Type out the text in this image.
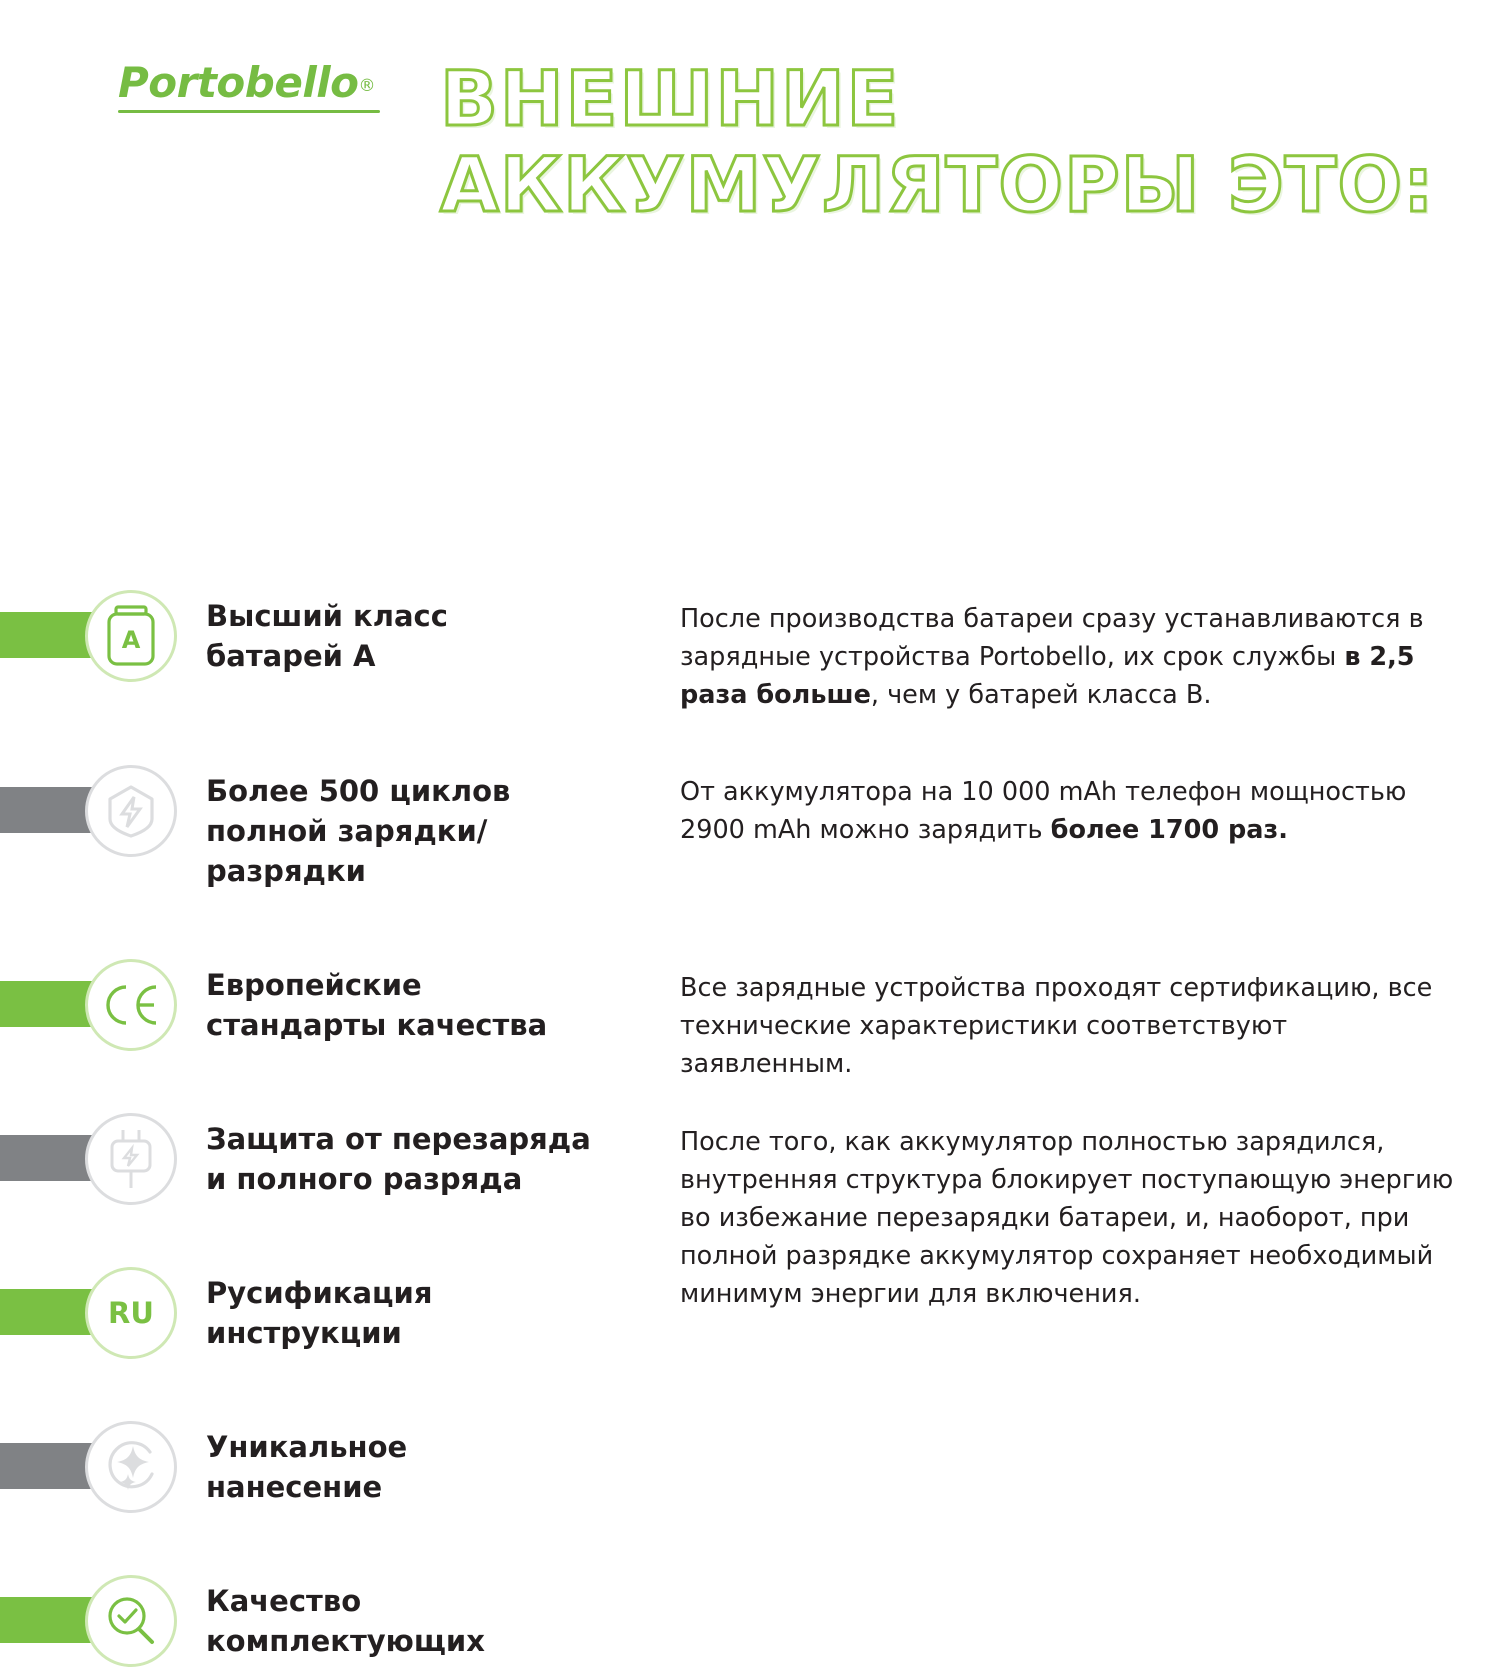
Portobello® ВНЕШНИЕ
АККУМУЛЯТОРЫ ЭТО:
A
Высший класс
батарей А
После производства батареи сразу устанавливаются в зарядные устройства Portobello, их срок службы в 2,5 раза больше, чем у батарей класса В.
Более 500 циклов
полной зарядки/
разрядки
От аккумулятора на 10 000 mAh телефон мощностью 2900 mAh можно зарядить более 1700 раз.
Европейские
стандарты качества
Все зарядные устройства проходят сертификацию, все технические характеристики соответствуют заявленным.
Защита от перезаряда
и полного разряда
После того, как аккумулятор полностью зарядился, внутренняя структура блокирует поступающую энергию во избежание перезарядки батареи, и, наоборот, при полной разрядке аккумулятор сохраняет необходимый минимум энергии для включения.
RU
Русификация
инструкции
Уникальное
нанесение
Качество
комплектующих
